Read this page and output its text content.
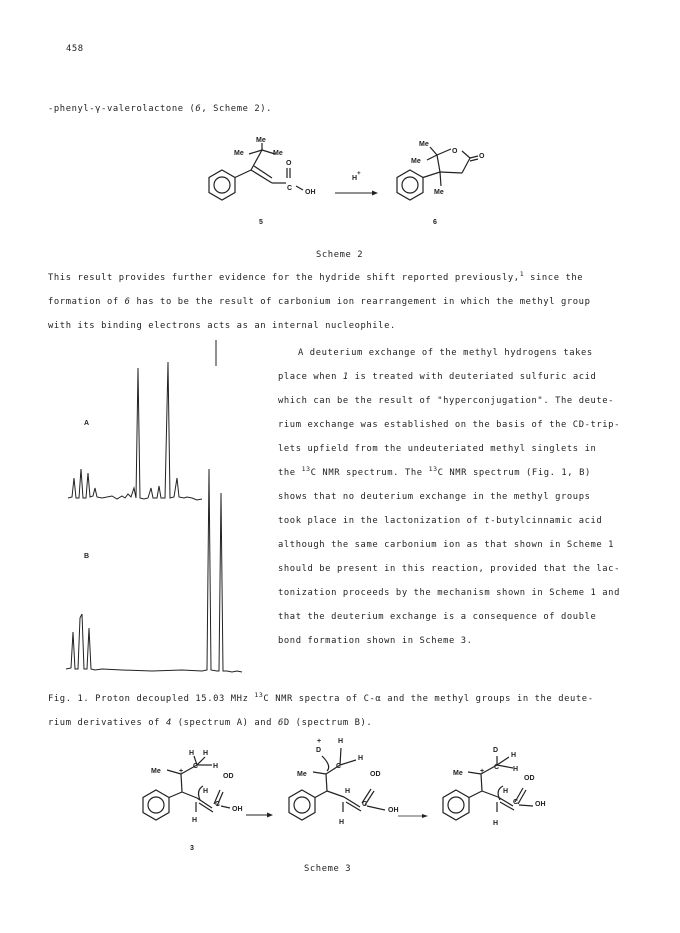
458
-phenyl-γ-valerolactone (6, Scheme 2).
Me
Me	Me
O
C
OH
5
H+
Me
Me
O
O
Me
6
Scheme 2
This result provides further evidence for the hydride shift reported previously,$^1$ since the
formation of 6 has to be the result of carbonium ion rearrangement in which the methyl group
with its binding electrons acts as an internal nucleophile.
A
B
A deuterium exchange of the methyl hydrogens takes
place when 1 is treated with deuteriated sulfuric acid
which can be the result of "hyperconjugation". The deute-
rium exchange was established on the basis of the CD-trip-
lets upfield from the undeuteriated methyl singlets in
the $^{13}$C NMR spectrum. The $^{13}$C NMR spectrum (Fig. 1, B)
shows that no deuterium exchange in the methyl groups
took place in the lactonization of t-butylcinnamic acid
although the same carbonium ion as that shown in Scheme 1
should be present in this reaction, provided that the lac-
tonization proceeds by the mechanism shown in Scheme 1 and
that the deuterium exchange is a consequence of double
bond formation shown in Scheme 3.
Fig. 1. Proton decoupled 15.03 MHz $^{13}$C NMR spectra of C-α and the methyl groups in the deute-
rium derivatives of 4 (spectrum A) and 6D (spectrum B).
H H
H
C
+
Me
OD
H
C
OH
H
3
+
D
H
H
C
Me	OD
H
C
OH
H
D
H
C H
Me +
OD
H
C OH
H
Scheme 3
